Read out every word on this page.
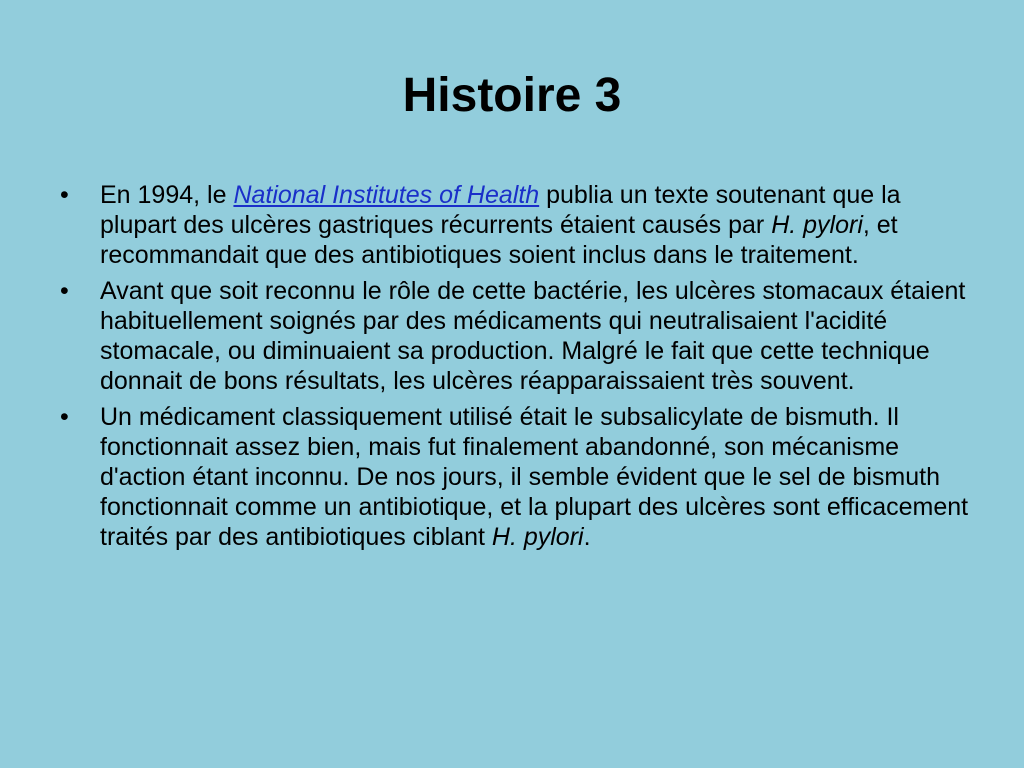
Histoire 3
•	En 1994, le National Institutes of Health publia un texte soutenant que la plupart des ulcères gastriques récurrents étaient causés par H. pylori, et recommandait que des antibiotiques soient inclus dans le traitement.
•	Avant que soit reconnu le rôle de cette bactérie, les ulcères stomacaux étaient habituellement soignés par des médicaments qui neutralisaient l'acidité stomacale, ou diminuaient sa production. Malgré le fait que cette technique donnait de bons résultats, les ulcères réapparaissaient très souvent.
•	Un médicament classiquement utilisé était le subsalicylate de bismuth. Il fonctionnait assez bien, mais fut finalement abandonné, son mécanisme d'action étant inconnu. De nos jours, il semble évident que le sel de bismuth fonctionnait comme un antibiotique, et la plupart des ulcères sont efficacement traités par des antibiotiques ciblant H. pylori.
